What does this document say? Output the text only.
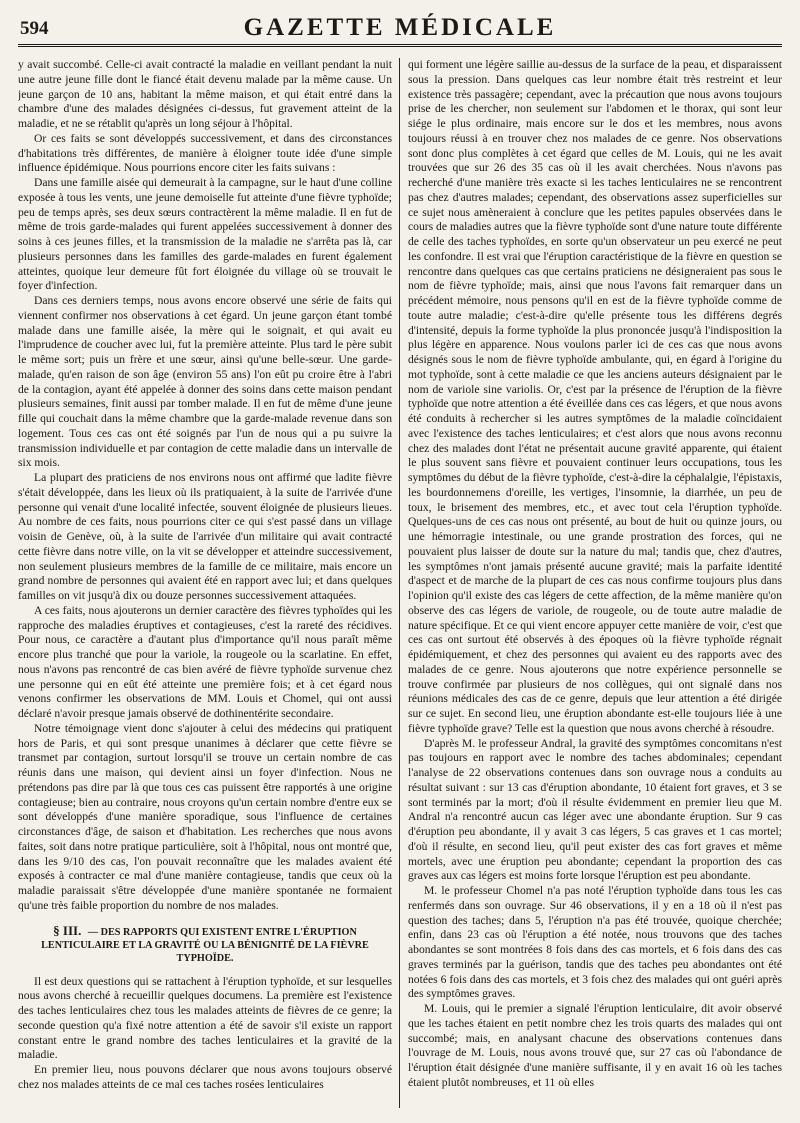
594	GAZETTE MÉDICALE

y avait succombé. Celle-ci avait contracté la maladie en veillant pendant la nuit une autre jeune fille dont le fiancé était devenu malade par la même cause. Un jeune garçon de 10 ans, habitant la même maison, et qui était entré dans la chambre d'une des malades désignées ci-dessus, fut gravement atteint de la maladie, et ne se rétablit qu'après un long séjour à l'hôpital.

Or ces faits se sont développés successivement, et dans des circonstances d'habitations très différentes, de manière à éloigner toute idée d'une simple influence épidémique. Nous pourrions encore citer les faits suivans :

Dans une famille aisée qui demeurait à la campagne, sur le haut d'une colline exposée à tous les vents, une jeune demoiselle fut atteinte d'une fièvre typhoïde; peu de temps après, ses deux sœurs contractèrent la même maladie. Il en fut de même de trois garde-malades qui furent appelées successivement à donner des soins à ces jeunes filles, et la transmission de la maladie ne s'arrêta pas là, car plusieurs personnes dans les familles des garde-malades en furent également atteintes, quoique leur demeure fût fort éloignée du village où se trouvait le foyer d'infection.

Dans ces derniers temps, nous avons encore observé une série de faits qui viennent confirmer nos observations à cet égard. Un jeune garçon étant tombé malade dans une famille aisée, la mère qui le soignait, et qui avait eu l'imprudence de coucher avec lui, fut la première atteinte. Plus tard le père subit le même sort; puis un frère et une sœur, ainsi qu'une belle-sœur. Une garde-malade, qu'en raison de son âge (environ 55 ans) l'on eût pu croire être à l'abri de la contagion, ayant été appelée à donner des soins dans cette maison pendant plusieurs semaines, finit aussi par tomber malade. Il en fut de même d'une jeune fille qui couchait dans la même chambre que la garde-malade revenue dans son logement. Tous ces cas ont été soignés par l'un de nous qui a pu suivre la transmission individuelle et par contagion de cette maladie dans un intervalle de six mois.

La plupart des praticiens de nos environs nous ont affirmé que ladite fièvre s'était développée, dans les lieux où ils pratiquaient, à la suite de l'arrivée d'une personne qui venait d'une localité infectée, souvent éloignée de plusieurs lieues. Au nombre de ces faits, nous pourrions citer ce qui s'est passé dans un village voisin de Genève, où, à la suite de l'arrivée d'un militaire qui avait contracté cette fièvre dans notre ville, on la vit se développer et atteindre successivement, non seulement plusieurs membres de la famille de ce militaire, mais encore un grand nombre de personnes qui avaient été en rapport avec lui; et dans quelques familles on vit jusqu'à dix ou douze personnes successivement attaquées.

A ces faits, nous ajouterons un dernier caractère des fièvres typhoïdes qui les rapproche des maladies éruptives et contagieuses, c'est la rareté des récidives. Pour nous, ce caractère a d'autant plus d'importance qu'il nous paraît même encore plus tranché que pour la variole, la rougeole ou la scarlatine. En effet, nous n'avons pas rencontré de cas bien avéré de fièvre typhoïde survenue chez une personne qui en eût été atteinte une première fois; et à cet égard nous venons confirmer les observations de MM. Louis et Chomel, qui ont aussi déclaré n'avoir presque jamais observé de dothinentérite secondaire.

Notre témoignage vient donc s'ajouter à celui des médecins qui pratiquent hors de Paris, et qui sont presque unanimes à déclarer que cette fièvre se transmet par contagion, surtout lorsqu'il se trouve un certain nombre de cas réunis dans une maison, qui devient ainsi un foyer d'infection. Nous ne prétendons pas dire par là que tous ces cas puissent être rapportés à une origine contagieuse; bien au contraire, nous croyons qu'un certain nombre d'entre eux se sont développés d'une manière sporadique, sous l'influence de certaines circonstances d'âge, de saison et d'habitation. Les recherches que nous avons faites, soit dans notre pratique particulière, soit à l'hôpital, nous ont montré que, dans les 9/10 des cas, l'on pouvait reconnaître que les malades avaient été exposés à contracter ce mal d'une manière contagieuse, tandis que ceux où la maladie paraissait s'être développée d'une manière spontanée ne formaient qu'une très faible proportion du nombre de nos malades.

§ III. — DES RAPPORTS QUI EXISTENT ENTRE L'ÉRUPTION LENTICULAIRE ET LA GRAVITÉ OU LA BÉNIGNITÉ DE LA FIÈVRE TYPHOÏDE.

Il est deux questions qui se rattachent à l'éruption typhoïde, et sur lesquelles nous avons cherché à recueillir quelques documens. La première est l'existence des taches lenticulaires chez tous les malades atteints de fièvres de ce genre; la seconde question qu'a fixé notre attention a été de savoir s'il existe un rapport constant entre le grand nombre des taches lenticulaires et la gravité de la maladie.

En premier lieu, nous pouvons déclarer que nous avons toujours observé chez nos malades atteints de ce mal ces taches rosées lenticulaires

qui forment une légère saillie au-dessus de la surface de la peau, et disparaissent sous la pression. Dans quelques cas leur nombre était très restreint et leur existence très passagère; cependant, avec la précaution que nous avons toujours prise de les chercher, non seulement sur l'abdomen et le thorax, qui sont leur siége le plus ordinaire, mais encore sur le dos et les membres, nous avons toujours réussi à en trouver chez nos malades de ce genre. Nos observations sont donc plus complètes à cet égard que celles de M. Louis, qui ne les avait trouvées que sur 26 des 35 cas où il les avait cherchées. Nous n'avons pas recherché d'une manière très exacte si les taches lenticulaires ne se rencontrent pas chez d'autres malades; cependant, des observations assez superficielles sur ce sujet nous amèneraient à conclure que les petites papules observées dans le cours de maladies autres que la fièvre typhoïde sont d'une nature toute différente de celle des taches typhoïdes, en sorte qu'un observateur un peu exercé ne peut les confondre. Il est vrai que l'éruption caractéristique de la fièvre en question se rencontre dans quelques cas que certains praticiens ne désigneraient pas sous le nom de fièvre typhoïde; mais, ainsi que nous l'avons fait remarquer dans un précédent mémoire, nous pensons qu'il en est de la fièvre typhoïde comme de toute autre maladie; c'est-à-dire qu'elle présente tous les différens degrés d'intensité, depuis la forme typhoïde la plus prononcée jusqu'à l'indisposition la plus légère en apparence. Nous voulons parler ici de ces cas que nous avons désignés sous le nom de fièvre typhoïde ambulante, qui, en égard à l'origine du mot typhoïde, sont à cette maladie ce que les anciens auteurs désignaient par le nom de variole sine variolis. Or, c'est par la présence de l'éruption de la fièvre typhoïde que notre attention a été éveillée dans ces cas légers, et que nous avons été conduits à rechercher si les autres symptômes de la maladie coïncidaient avec l'existence des taches lenticulaires; et c'est alors que nous avons reconnu chez des malades dont l'état ne présentait aucune gravité apparente, qui étaient le plus souvent sans fièvre et pouvaient continuer leurs occupations, tous les symptômes du début de la fièvre typhoïde, c'est-à-dire la céphalalgie, l'épistaxis, les bourdonnemens d'oreille, les vertiges, l'insomnie, la diarrhée, un peu de toux, le brisement des membres, etc., et avec tout cela l'éruption typhoïde. Quelques-uns de ces cas nous ont présenté, au bout de huit ou quinze jours, ou une hémorragie intestinale, ou une grande prostration des forces, qui ne pouvaient plus laisser de doute sur la nature du mal; tandis que, chez d'autres, les symptômes n'ont jamais présenté aucune gravité; mais la parfaite identité d'aspect et de marche de la plupart de ces cas nous confirme toujours plus dans l'opinion qu'il existe des cas légers de cette affection, de la même manière qu'on observe des cas légers de variole, de rougeole, ou de toute autre maladie de nature spécifique. Et ce qui vient encore appuyer cette manière de voir, c'est que ces cas ont surtout été observés à des époques où la fièvre typhoïde régnait épidémiquement, et chez des personnes qui avaient eu des rapports avec des malades de ce genre. Nous ajouterons que notre expérience personnelle se trouve confirmée par plusieurs de nos collègues, qui ont signalé dans nos réunions médicales des cas de ce genre, depuis que leur attention a été dirigée sur ce sujet. En second lieu, une éruption abondante est-elle toujours liée à une fièvre typhoïde grave? Telle est la question que nous avons cherché à résoudre.

D'après M. le professeur Andral, la gravité des symptômes concomitans n'est pas toujours en rapport avec le nombre des taches abdominales; cependant l'analyse de 22 observations contenues dans son ouvrage nous a conduits au résultat suivant : sur 13 cas d'éruption abondante, 10 étaient fort graves, et 3 se sont terminés par la mort; d'où il résulte évidemment en premier lieu que M. Andral n'a rencontré aucun cas léger avec une abondante éruption. Sur 9 cas d'éruption peu abondante, il y avait 3 cas légers, 5 cas graves et 1 cas mortel; d'où il résulte, en second lieu, qu'il peut exister des cas fort graves et même mortels, avec une éruption peu abondante; cependant la proportion des cas graves aux cas légers est moins forte lorsque l'éruption est peu abondante.

M. le professeur Chomel n'a pas noté l'éruption typhoïde dans tous les cas renfermés dans son ouvrage. Sur 46 observations, il y en a 18 où il n'est pas question des taches; dans 5, l'éruption n'a pas été trouvée, quoique cherchée; enfin, dans 23 cas où l'éruption a été notée, nous trouvons que des taches abondantes se sont montrées 8 fois dans des cas mortels, et 6 fois dans des cas graves terminés par la guérison, tandis que des taches peu abondantes ont été notées 6 fois dans des cas mortels, et 3 fois chez des malades qui ont guéri après des symptômes graves.

M. Louis, qui le premier a signalé l'éruption lenticulaire, dit avoir observé que les taches étaient en petit nombre chez les trois quarts des malades qui ont succombé; mais, en analysant chacune des observations contenues dans l'ouvrage de M. Louis, nous avons trouvé que, sur 27 cas où l'abondance de l'éruption était désignée d'une manière suffisante, il y en avait 16 où les taches étaient plutôt nombreuses, et 11 où elles
